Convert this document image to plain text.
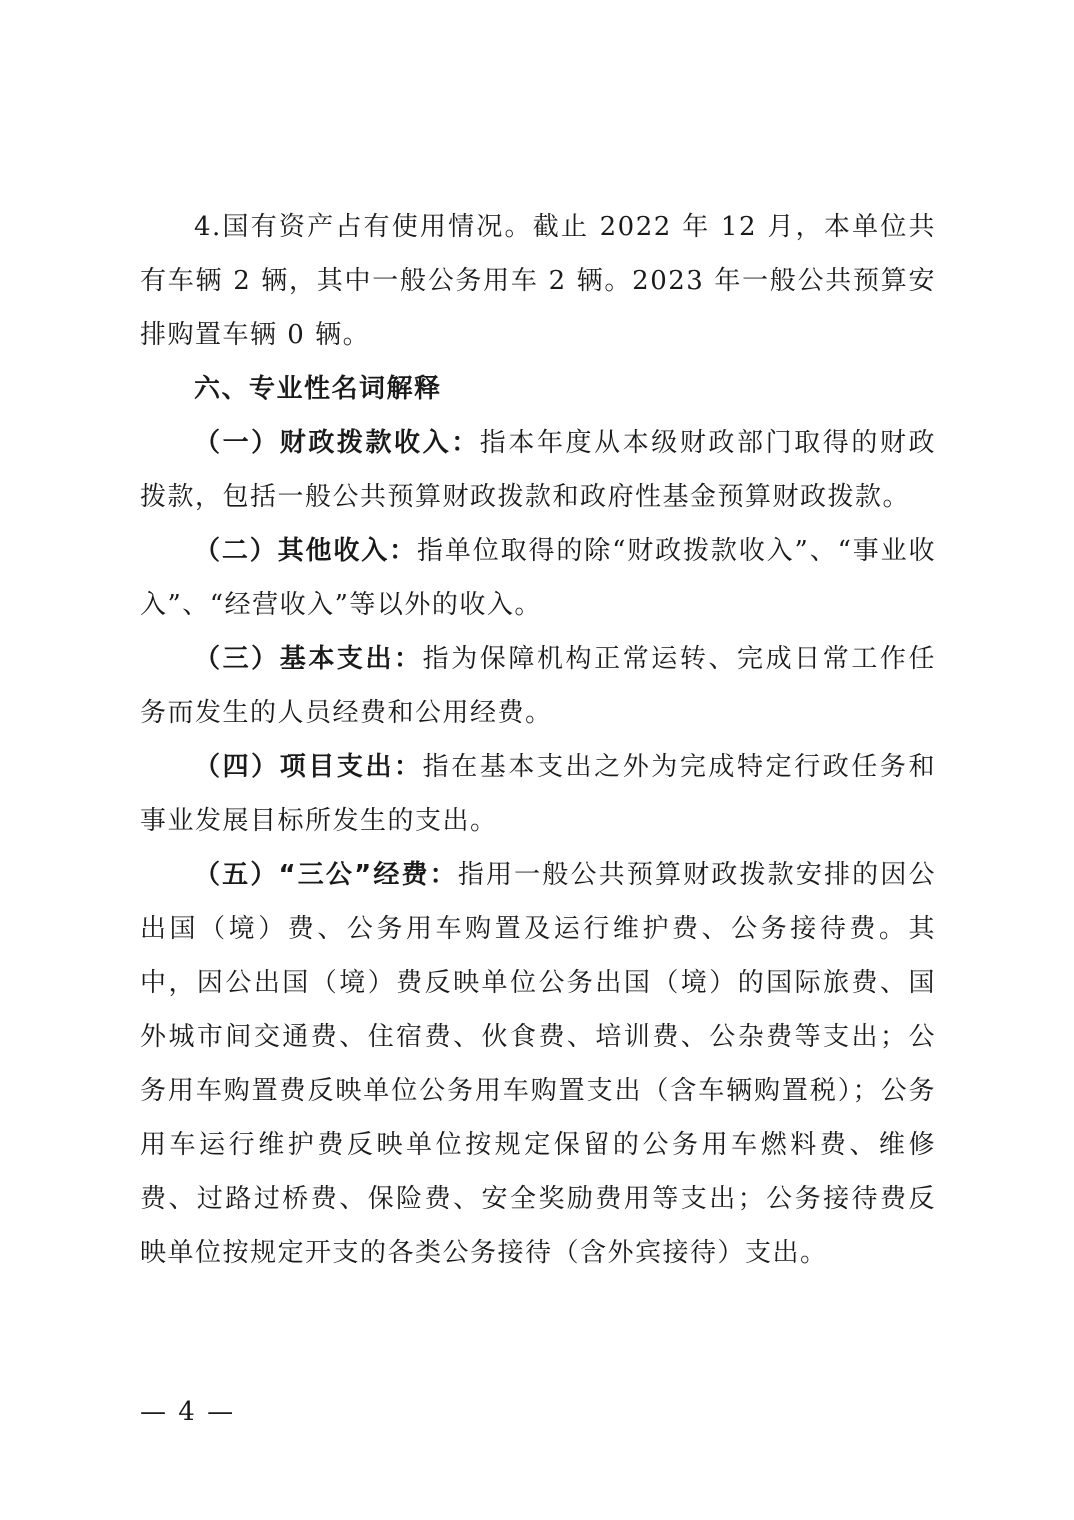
4.国有资产占有使用情况。截止 2022 年 12 月，本单位共有车辆 2 辆，其中一般公务用车 2 辆。2023 年一般公共预算安排购置车辆 0 辆。

六、专业性名词解释

（一）财政拨款收入：指本年度从本级财政部门取得的财政拨款，包括一般公共预算财政拨款和政府性基金预算财政拨款。

（二）其他收入：指单位取得的除“财政拨款收入”、“事业收入”、“经营收入”等以外的收入。

（三）基本支出：指为保障机构正常运转、完成日常工作任务而发生的人员经费和公用经费。

（四）项目支出：指在基本支出之外为完成特定行政任务和事业发展目标所发生的支出。

（五）“三公”经费：指用一般公共预算财政拨款安排的因公出国（境）费、公务用车购置及运行维护费、公务接待费。其中，因公出国（境）费反映单位公务出国（境）的国际旅费、国外城市间交通费、住宿费、伙食费、培训费、公杂费等支出；公务用车购置费反映单位公务用车购置支出（含车辆购置税）；公务用车运行维护费反映单位按规定保留的公务用车燃料费、维修费、过路过桥费、保险费、安全奖励费用等支出；公务接待费反映单位按规定开支的各类公务接待（含外宾接待）支出。

— 4 —
